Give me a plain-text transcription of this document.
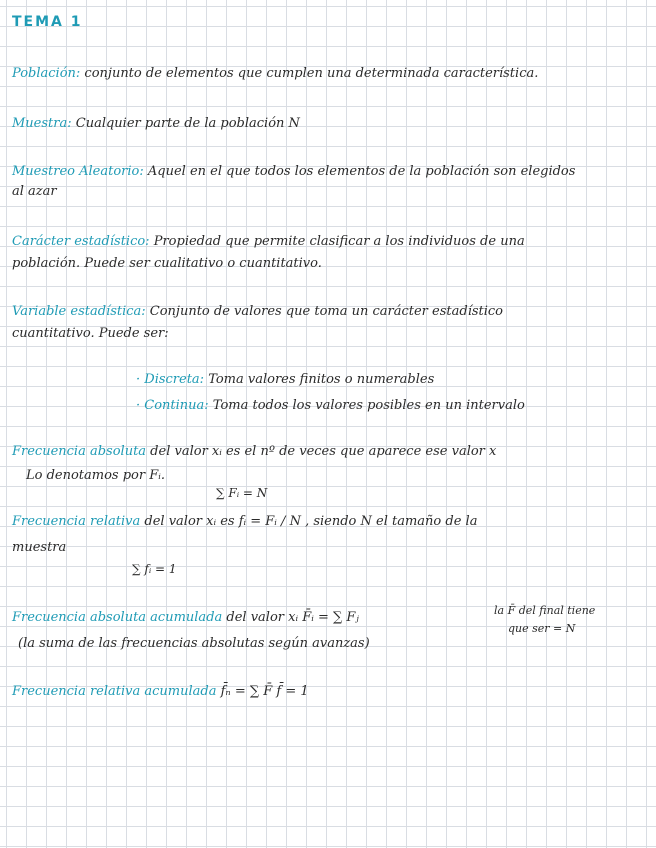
TEMA 1
Población: conjunto de elementos que cumplen una determinada característica.
Muestra: Cualquier parte de la población N
Muestreo Aleatorio: Aquel en el que todos los elementos de la población son elegidos
al azar
Carácter estadístico: Propiedad que permite clasificar a los individuos de una
población. Puede ser cualitativo o cuantitativo.
Variable estadística: Conjunto de valores que toma un carácter estadístico
cuantitativo. Puede ser:
· Discreta: Toma valores finitos o numerables
· Continua: Toma todos los valores posibles en un intervalo
Frecuencia absoluta del valor xᵢ es el nº de veces que aparece ese valor x
Lo denotamos por Fᵢ.
∑ Fᵢ = N
Frecuencia relativa del valor xᵢ es fᵢ = Fᵢ / N , siendo N el tamaño de la
muestra
∑ fᵢ = 1
Frecuencia absoluta acumulada del valor xᵢ F̄ᵢ = ∑ Fⱼ
(la suma de las frecuencias absolutas según avanzas)
la F̄ del final tiene
que ser = N
Frecuencia relativa acumulada f̄ₙ = ∑ F̄ f̄ = 1
